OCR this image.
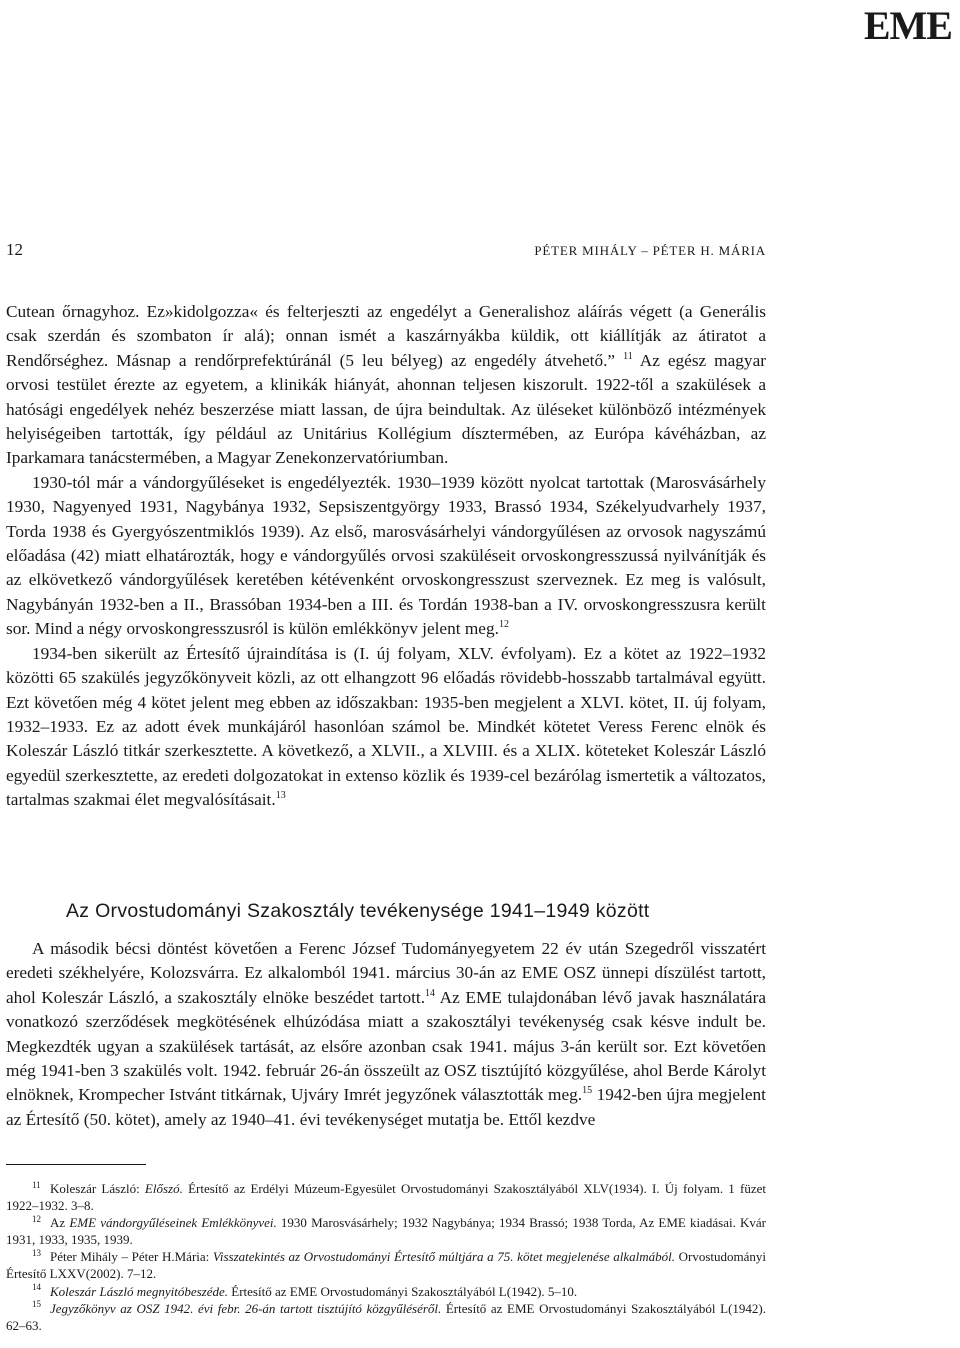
EME
12	PÉTER MIHÁLY – PÉTER H. MÁRIA

Cutean őrnagyhoz. Ez»kidolgozza« és felterjeszti az engedélyt a Generalishoz aláírás végett (a Generális csak szerdán és szombaton ír alá); onnan ismét a kaszárnyákba küldik, ott kiállítják az átiratot a Rendőrséghez. Másnap a rendőrprefektúránál (5 leu bélyeg) az engedély átvehető.” $^{11}$ Az egész magyar orvosi testület érezte az egyetem, a klinikák hiányát, ahonnan teljesen kiszorult. 1922-től a szakülések a hatósági engedélyek nehéz beszerzése miatt lassan, de újra beindultak. Az üléseket különböző intézmények helyiségeiben tartották, így például az Unitárius Kollégium dísztermében, az Európa kávéházban, az Iparkamara tanácstermében, a Magyar Zenekonzervatóriumban.

1930-tól már a vándorgyűléseket is engedélyezték. 1930–1939 között nyolcat tartottak (Marosvásárhely 1930, Nagyenyed 1931, Nagybánya 1932, Sepsiszentgyörgy 1933, Brassó 1934, Székelyudvarhely 1937, Torda 1938 és Gyergyószentmiklós 1939). Az első, marosvásárhelyi vándorgyűlésen az orvosok nagyszámú előadása (42) miatt elhatározták, hogy e vándorgyűlés orvosi szaküléseit orvoskongresszussá nyilvánítják és az elkövetkező vándorgyűlések keretében kétévenként orvoskongresszust szerveznek. Ez meg is valósult, Nagybányán 1932-ben a II., Brassóban 1934-ben a III. és Tordán 1938-ban a IV. orvoskongresszusra került sor. Mind a négy orvoskongresszusról is külön emlékkönyv jelent meg.$^{12}$

1934-ben sikerült az Értesítő újraindítása is (I. új folyam, XLV. évfolyam). Ez a kötet az 1922–1932 közötti 65 szakülés jegyzőkönyveit közli, az ott elhangzott 96 előadás rövidebb-hosszabb tartalmával együtt. Ezt követően még 4 kötet jelent meg ebben az időszakban: 1935-ben megjelent a XLVI. kötet, II. új folyam, 1932–1933. Ez az adott évek munkájáról hasonlóan számol be. Mindkét kötetet Veress Ferenc elnök és Koleszár László titkár szerkesztette. A következő, a XLVII., a XLVIII. és a XLIX. köteteket Koleszár László egyedül szerkesztette, az eredeti dolgozatokat in extenso közlik és 1939-cel bezárólag ismertetik a változatos, tartalmas szakmai élet megvalósításait.$^{13}$

Az Orvostudományi Szakosztály tevékenysége 1941–1949 között

A második bécsi döntést követően a Ferenc József Tudományegyetem 22 év után Szegedről visszatért eredeti székhelyére, Kolozsvárra. Ez alkalomból 1941. március 30-án az EME OSZ ünnepi díszülést tartott, ahol Koleszár László, a szakosztály elnöke beszédet tartott.$^{14}$ Az EME tulajdonában lévő javak használatára vonatkozó szerződések megkötésének elhúzódása miatt a szakosztályi tevékenység csak késve indult be. Megkezdték ugyan a szakülések tartását, az elsőre azonban csak 1941. május 3-án került sor. Ezt követően még 1941-ben 3 szakülés volt. 1942. február 26-án összeült az OSZ tisztújító közgyűlése, ahol Berde Károlyt elnöknek, Krompecher Istvánt titkárnak, Ujváry Imrét jegyzőnek választották meg.$^{15}$ 1942-ben újra megjelent az Értesítő (50. kötet), amely az 1940–41. évi tevékenységet mutatja be. Ettől kezdve

11 Koleszár László: Előszó. Értesítő az Erdélyi Múzeum-Egyesület Orvostudományi Szakosztályából XLV(1934). I. Új folyam. 1 füzet 1922–1932. 3–8.

12 Az EME vándorgyűléseinek Emlékkönyvei. 1930 Marosvásárhely; 1932 Nagybánya; 1934 Brassó; 1938 Torda, Az EME kiadásai. Kvár 1931, 1933, 1935, 1939.

13 Péter Mihály – Péter H.Mária: Visszatekintés az Orvostudományi Értesítő múltjára a 75. kötet megjelenése alkalmából. Orvostudományi Értesítő LXXV(2002). 7–12.

14 Koleszár László megnyitóbeszéde. Értesítő az EME Orvostudományi Szakosztályából L(1942). 5–10.

15 Jegyzőkönyv az OSZ 1942. évi febr. 26-án tartott tisztújító közgyűléséről. Értesítő az EME Orvostudományi Szakosztályából L(1942). 62–63.
